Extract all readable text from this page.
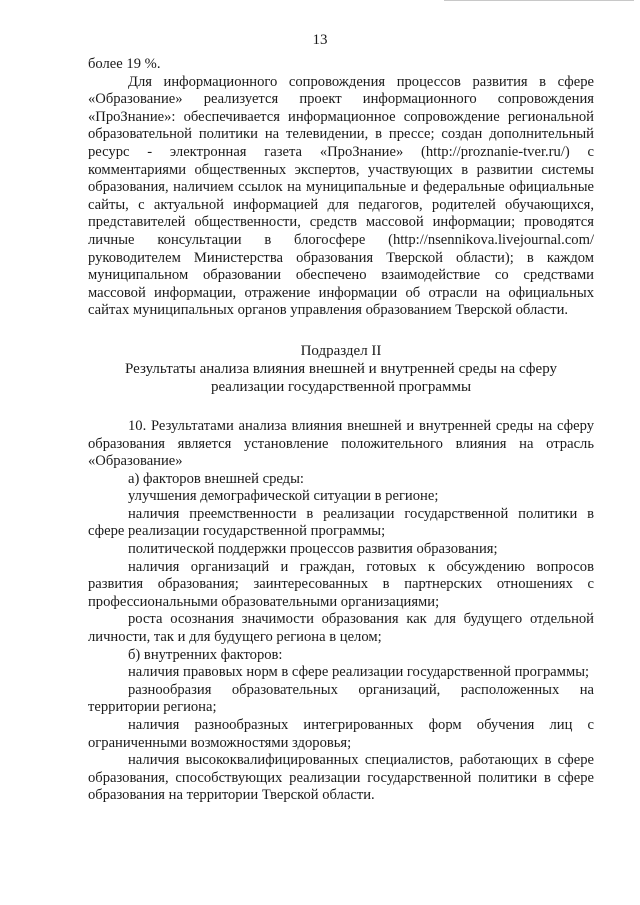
13

более 19 %.

Для информационного сопровождения процессов развития в сфере «Образование» реализуется проект информационного сопровождения «ПроЗнание»: обеспечивается информационное сопровождение региональной образовательной политики на телевидении, в прессе; создан дополнительный ресурс - электронная газета «ПроЗнание» (http://proznanie-tver.ru/) с комментариями общественных экспертов, участвующих в развитии системы образования, наличием ссылок на муниципальные и федеральные официальные сайты, с актуальной информацией для педагогов, родителей обучающихся, представителей общественности, средств массовой информации; проводятся личные консультации в блогосфере (http://nsennikova.livejournal.com/ руководителем Министерства образования Тверской области); в каждом муниципальном образовании обеспечено взаимодействие со средствами массовой информации, отражение информации об отрасли на официальных сайтах муниципальных органов управления образованием Тверской области.

Подраздел II

Результаты анализа влияния внешней и внутренней среды на сферу

реализации государственной программы

10. Результатами анализа влияния внешней и внутренней среды на сферу образования является установление положительного влияния на отрасль «Образование»

а) факторов внешней среды:

улучшения демографической ситуации в регионе;

наличия преемственности в реализации государственной политики в сфере реализации государственной программы;

политической поддержки процессов развития образования;

наличия организаций и граждан, готовых к обсуждению вопросов развития образования; заинтересованных в партнерских отношениях с профессиональными образовательными организациями;

роста осознания значимости образования как для будущего отдельной личности, так и для будущего региона в целом;

б) внутренних факторов:

наличия правовых норм в сфере реализации государственной программы;

разнообразия образовательных организаций, расположенных на территории региона;

наличия разнообразных интегрированных форм обучения лиц с ограниченными возможностями здоровья;

наличия высококвалифицированных специалистов, работающих в сфере образования, способствующих реализации государственной политики в сфере образования на территории Тверской области.
